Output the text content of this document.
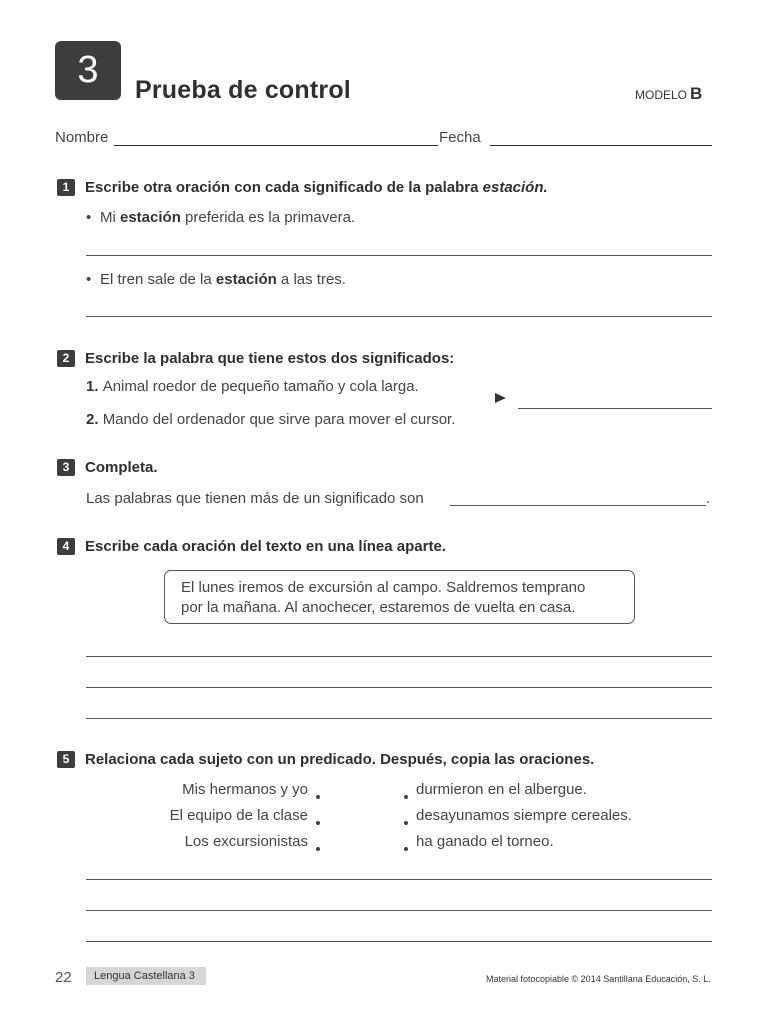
3	Prueba de control	MODELO B
Nombre	Fecha
1	Escribe otra oración con cada significado de la palabra estación.
• Mi estación preferida es la primavera.
• El tren sale de la estación a las tres.
2	Escribe la palabra que tiene estos dos significados:
1. Animal roedor de pequeño tamaño y cola larga.
2. Mando del ordenador que sirve para mover el cursor.
3	Completa.
Las palabras que tienen más de un significado son	.
4	Escribe cada oración del texto en una línea aparte.
El lunes iremos de excursión al campo. Saldremos temprano
por la mañana. Al anochecer, estaremos de vuelta en casa.
5	Relaciona cada sujeto con un predicado. Después, copia las oraciones.
Mis hermanos y yo
El equipo de la clase
Los excursionistas
durmieron en el albergue.
desayunamos siempre cereales.
ha ganado el torneo.
22	Lengua Castellana 3	Material fotocopiable © 2014 Santillana Educación, S. L.
